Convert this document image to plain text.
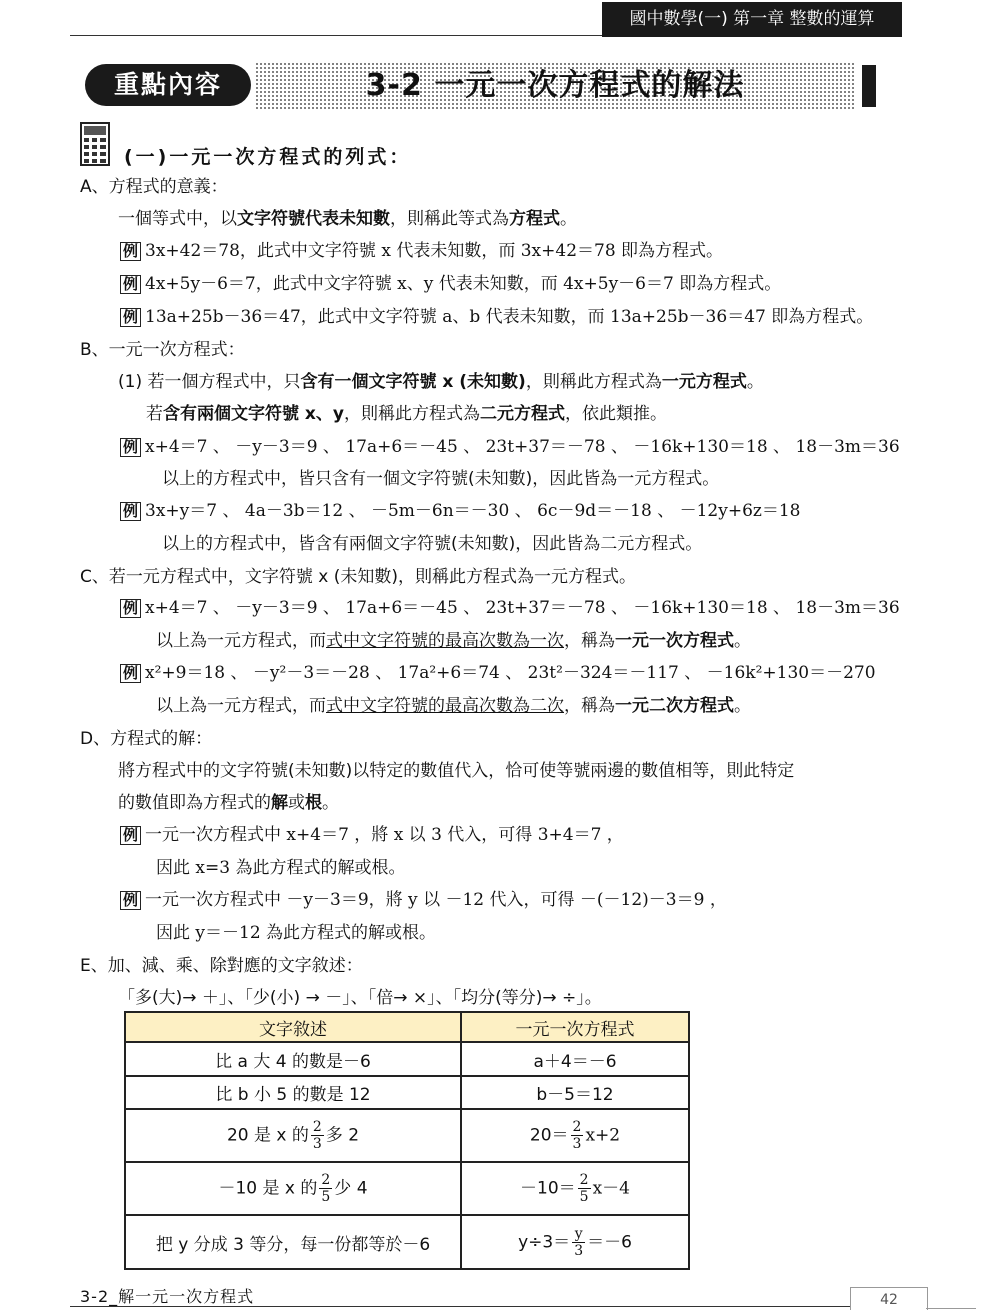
國中數學(一) 第一章 整數的運算
重點內容	3-2 一元一次方程式的解法
(一)一元一次方程式的列式：
A、方程式的意義：
一個等式中，以文字符號代表未知數，則稱此等式為方程式。
例 3x+42＝78，此式中文字符號 x 代表未知數，而 3x+42＝78 即為方程式。
例 4x+5y－6＝7，此式中文字符號 x、y 代表未知數，而 4x+5y－6＝7 即為方程式。
例 13a+25b－36＝47，此式中文字符號 a、b 代表未知數，而 13a+25b－36＝47 即為方程式。
B、一元一次方程式：
(1) 若一個方程式中，只含有一個文字符號 x (未知數)，則稱此方程式為一元方程式。
若含有兩個文字符號 x、y，則稱此方程式為二元方程式，依此類推。
例 x+4＝7 、 －y－3＝9 、 17a+6＝－45 、 23t+37＝－78 、 －16k+130＝18 、 18－3m＝36
以上的方程式中，皆只含有一個文字符號(未知數)，因此皆為一元方程式。
例 3x+y＝7 、 4a－3b＝12 、 －5m－6n＝－30 、 6c－9d＝－18 、 －12y+6z＝18
以上的方程式中，皆含有兩個文字符號(未知數)，因此皆為二元方程式。
C、若一元方程式中，文字符號 x (未知數)，則稱此方程式為一元方程式。
例 x+4＝7 、 －y－3＝9 、 17a+6＝－45 、 23t+37＝－78 、 －16k+130＝18 、 18－3m＝36
以上為一元方程式，而式中文字符號的最高次數為一次，稱為一元一次方程式。
例 x²+9＝18 、 －y²－3＝－28 、 17a²+6＝74 、 23t²－324＝－117 、 －16k²+130＝－270
以上為一元方程式，而式中文字符號的最高次數為二次，稱為一元二次方程式。
D、方程式的解：
將方程式中的文字符號(未知數)以特定的數值代入，恰可使等號兩邊的數值相等，則此特定
的數值即為方程式的解或根。
例 一元一次方程式中 x+4＝7 ，將 x 以 3 代入，可得 3+4＝7 ，
因此 x=3 為此方程式的解或根。
例 一元一次方程式中 －y－3＝9，將 y 以 －12 代入，可得 －(－12)－3＝9 ，
因此 y＝－12 為此方程式的解或根。
E、加、減、乘、除對應的文字敘述：
「多(大)→ ＋」、「少(小) → －」、「倍→ ×」、「均分(等分)→ ÷」。
文字敘述	一元一次方程式
比 a 大 4 的數是－6	a＋4＝－6
比 b 小 5 的數是 12	b－5＝12
20 是 x 的 $\frac{2}{3}$ 多 2	$20= \frac{2}{3} x+2$
－10 是 x 的 $\frac{2}{5}$ 少 4	$-10= \frac{2}{5} x-4$
把 y 分成 3 等分，每一份都等於－6	$y\div 3= \frac{y}{3} =-6$
3-2_解一元一次方程式	42
